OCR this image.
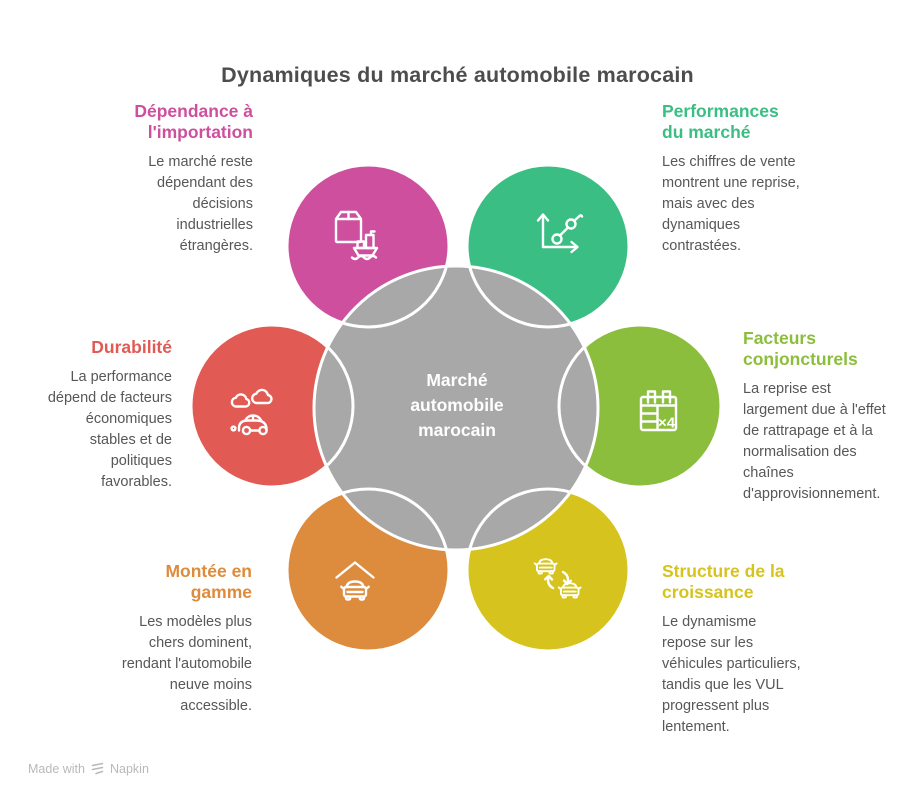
Dynamiques du marché automobile marocain
×4
Marché automobile marocain
Dépendance à l'importation

Le marché reste dépendant des décisions industrielles étrangères.

Performances du marché

Les chiffres de vente montrent une reprise, mais avec des dynamiques contrastées.

Durabilité

La performance dépend de facteurs économiques stables et de politiques favorables.

Facteurs conjoncturels

La reprise est largement due à l'effet de rattrapage et à la normalisation des chaînes d'approvisionnement.

Montée en gamme

Les modèles plus chers dominent, rendant l'automobile neuve moins accessible.

Structure de la croissance

Le dynamisme repose sur les véhicules particuliers, tandis que les VUL progressent plus lentement.

Made with Napkin
